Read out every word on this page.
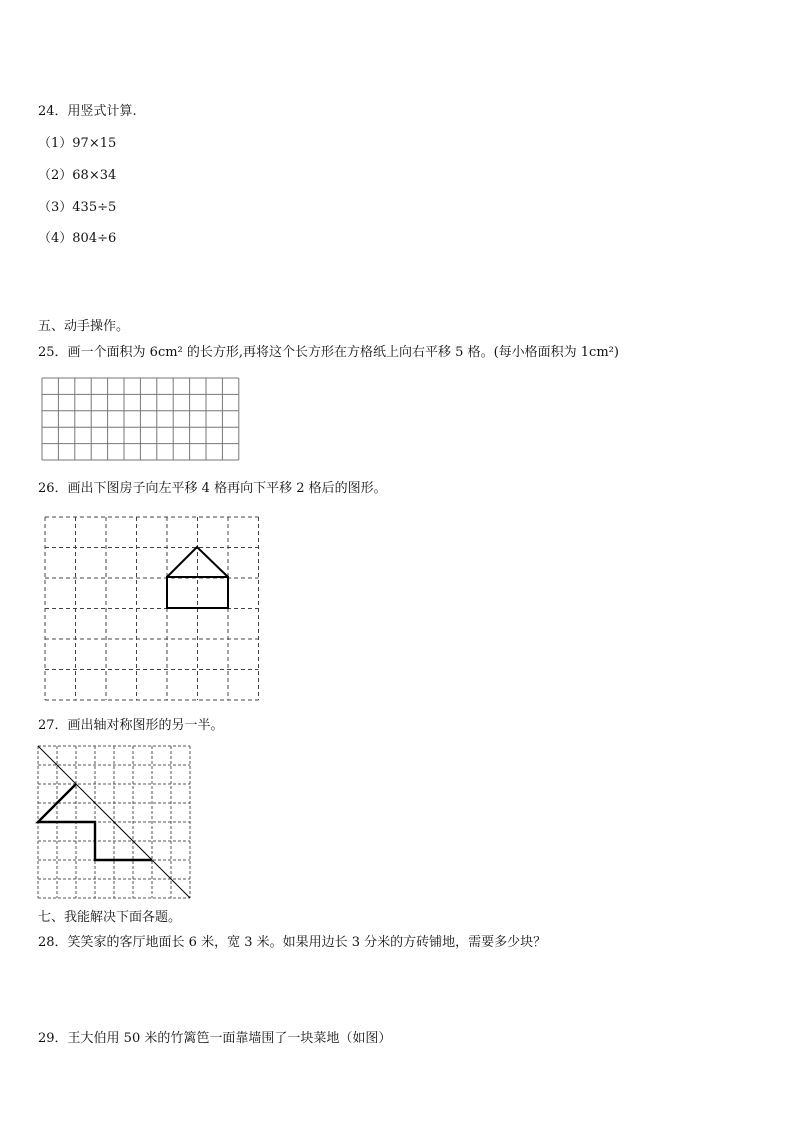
24．用竖式计算.
（1）97×15
（2）68×34
（3）435÷5
（4）804÷6
五、动手操作。
25．画一个面积为 6cm² 的长方形,再将这个长方形在方格纸上向右平移 5 格。(每小格面积为 1cm²)
26．画出下图房子向左平移 4 格再向下平移 2 格后的图形。
27．画出轴对称图形的另一半。
七、我能解决下面各题。
28．笑笑家的客厅地面长 6 米，宽 3 米。如果用边长 3 分米的方砖铺地，需要多少块？
29．王大伯用 50 米的竹篱笆一面靠墙围了一块菜地（如图）
